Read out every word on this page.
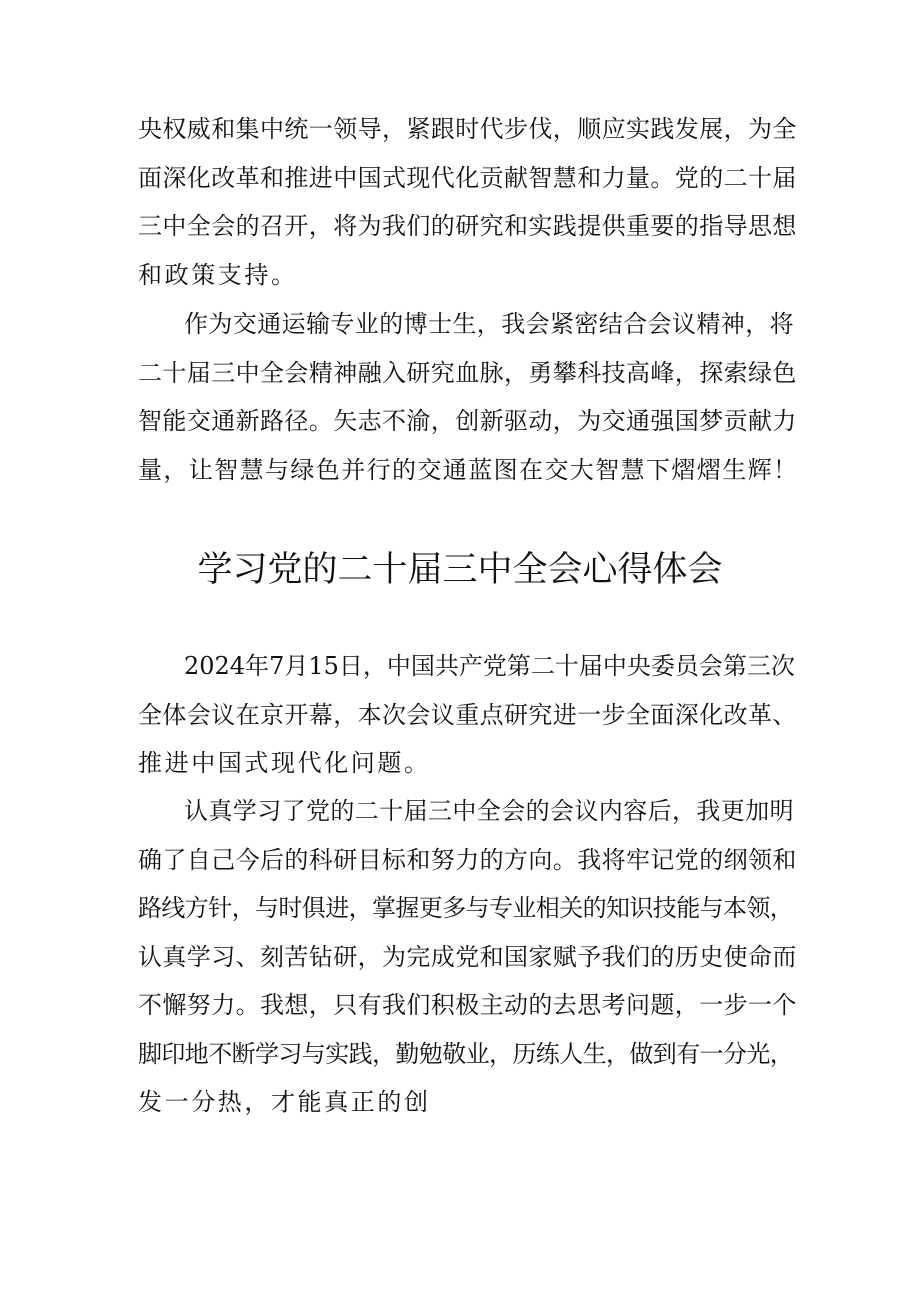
央权威和集中统一领导，紧跟时代步伐，顺应实践发展，为全
面深化改革和推进中国式现代化贡献智慧和力量。党的二十届
三中全会的召开，将为我们的研究和实践提供重要的指导思想
和政策支持。
作为交通运输专业的博士生，我会紧密结合会议精神，将
二十届三中全会精神融入研究血脉，勇攀科技高峰，探索绿色
智能交通新路径。矢志不渝，创新驱动，为交通强国梦贡献力
量，让智慧与绿色并行的交通蓝图在交大智慧下熠熠生辉！
学习党的二十届三中全会心得体会
2024年7月15日，中国共产党第二十届中央委员会第三次
全体会议在京开幕，本次会议重点研究进一步全面深化改革、
推进中国式现代化问题。
认真学习了党的二十届三中全会的会议内容后，我更加明
确了自己今后的科研目标和努力的方向。我将牢记党的纲领和
路线方针，与时俱进，掌握更多与专业相关的知识技能与本领，
认真学习、刻苦钻研，为完成党和国家赋予我们的历史使命而
不懈努力。我想，只有我们积极主动的去思考问题，一步一个
脚印地不断学习与实践，勤勉敬业，历练人生，做到有一分光，
发一分热，才能真正的创
